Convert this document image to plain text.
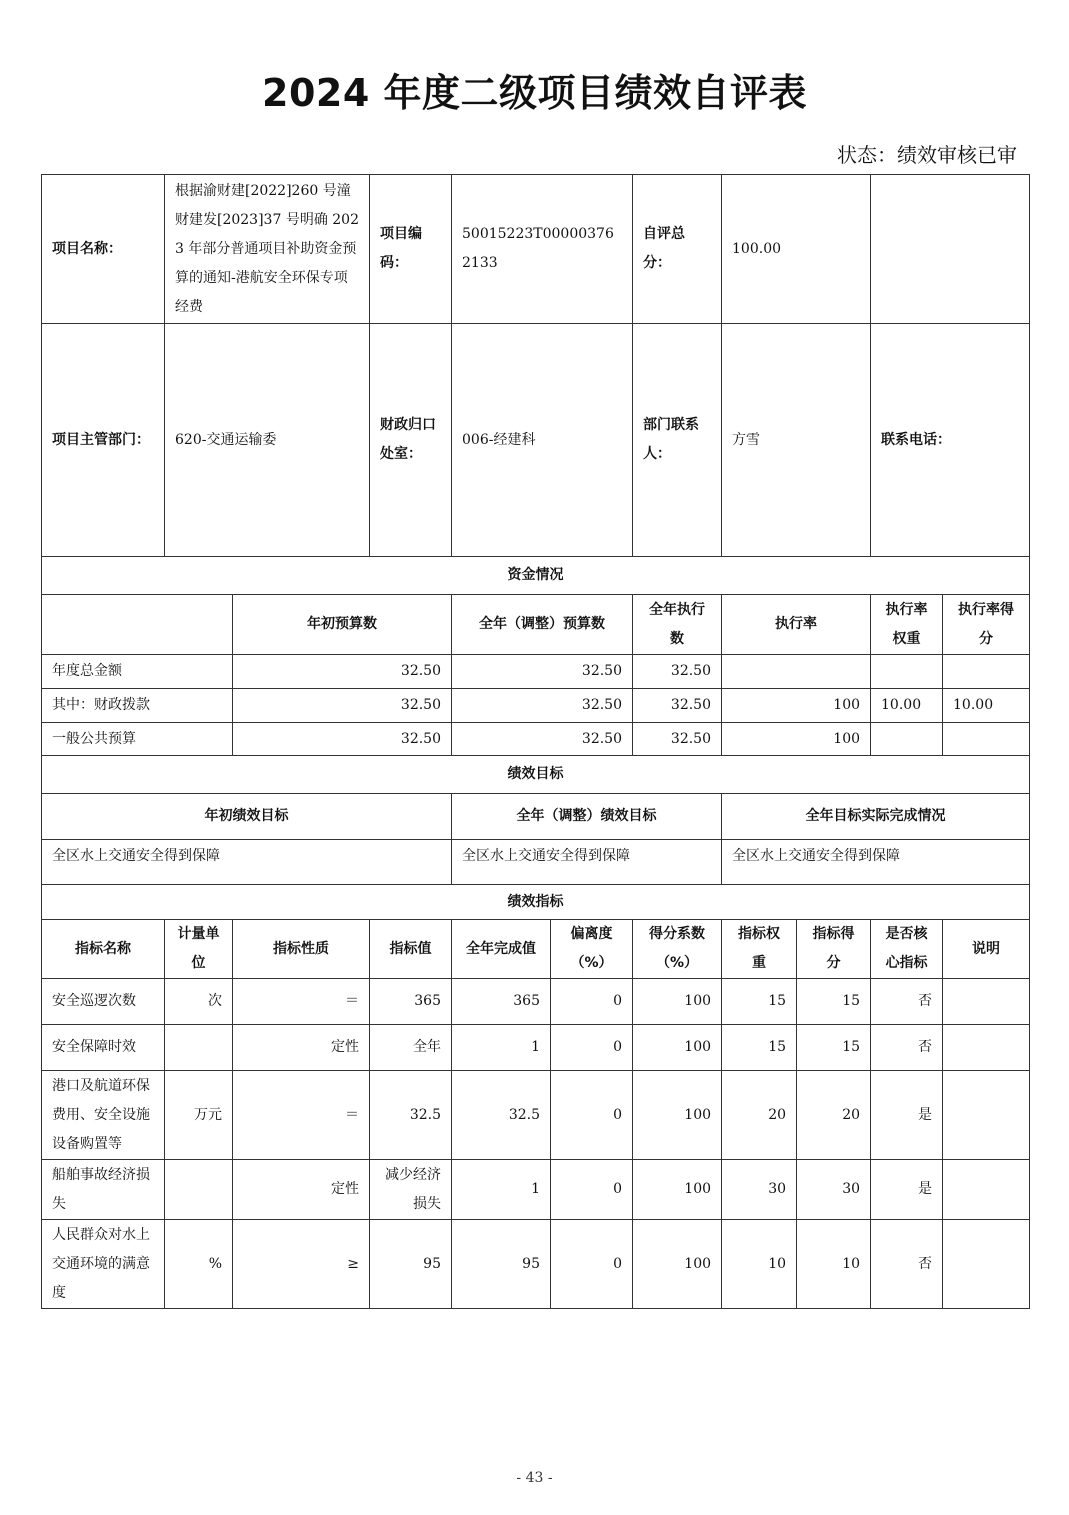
2024 年度二级项目绩效自评表
状态：绩效审核已审
项目名称：	根据渝财建[2022]260 号潼财建发[2023]37 号明确 2023 年部分普通项目补助资金预算的通知-港航安全环保专项经费		项目编码：	50015223T000003762133		自评总分：	100.00				
项目主管部门：	620-交通运输委		财政归口处室：	006-经建科		部门联系人：	方雪		联系电话：	
资金情况											
		年初预算数		全年（调整）预算数		全年执行数	执行率		执行率权重	执行率得分	
年度总金额		32.50		32.50		32.50					
其中：财政拨款		32.50		32.50		32.50	100		10.00	10.00	
一般公共预算		32.50		32.50		32.50	100				
绩效目标											
年初绩效目标				全年（调整）绩效目标			全年目标实际完成情况				
全区水上交通安全得到保障				全区水上交通安全得到保障			全区水上交通安全得到保障				
绩效指标											
指标名称	计量单位	指标性质	指标值	全年完成值	偏离度（%）	得分系数（%）	指标权重	指标得分	是否核心指标	说明	
安全巡逻次数	次	＝	365	365	0	100	15	15	否		
安全保障时效		定性	全年	1	0	100	15	15	否		
港口及航道环保费用、安全设施设备购置等	万元	＝	32.5	32.5	0	100	20	20	是		
船舶事故经济损失		定性	减少经济损失	1	0	100	30	30	是		
人民群众对水上交通环境的满意度	%	≥	95	95	0	100	10	10	否		
- 43 -
